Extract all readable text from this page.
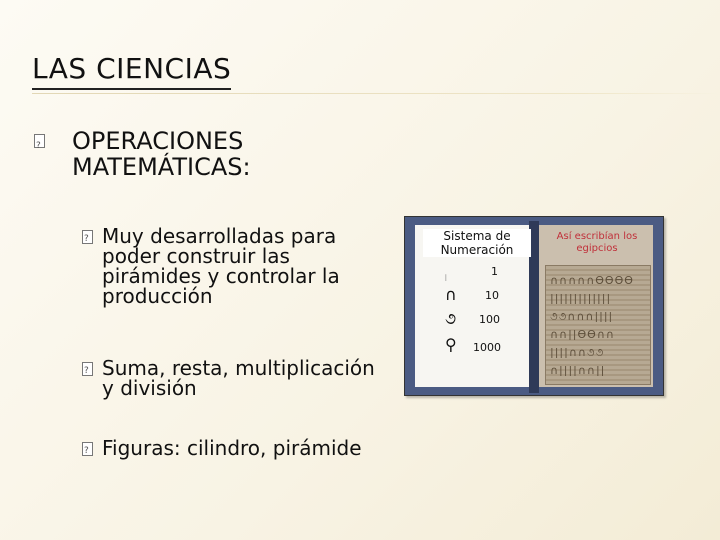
LAS CIENCIAS
?
OPERACIONES MATEMÁTICAS:
?
Muy desarrolladas para poder construir las pirámides y controlar la producción
?
Suma, resta, multiplicación y división
?
Figuras: cilindro, pirámide
Sistema de Numeración
𓏺	1
∩	10
૭ 100
⚲ 1000
Así escribían los egipcios
∩∩∩∩∩ϴϴϴϴ
|||||||||||||
૭૭∩∩∩||||
∩∩||ϴϴ∩∩
||||∩∩૭૭
∩||||∩∩||
